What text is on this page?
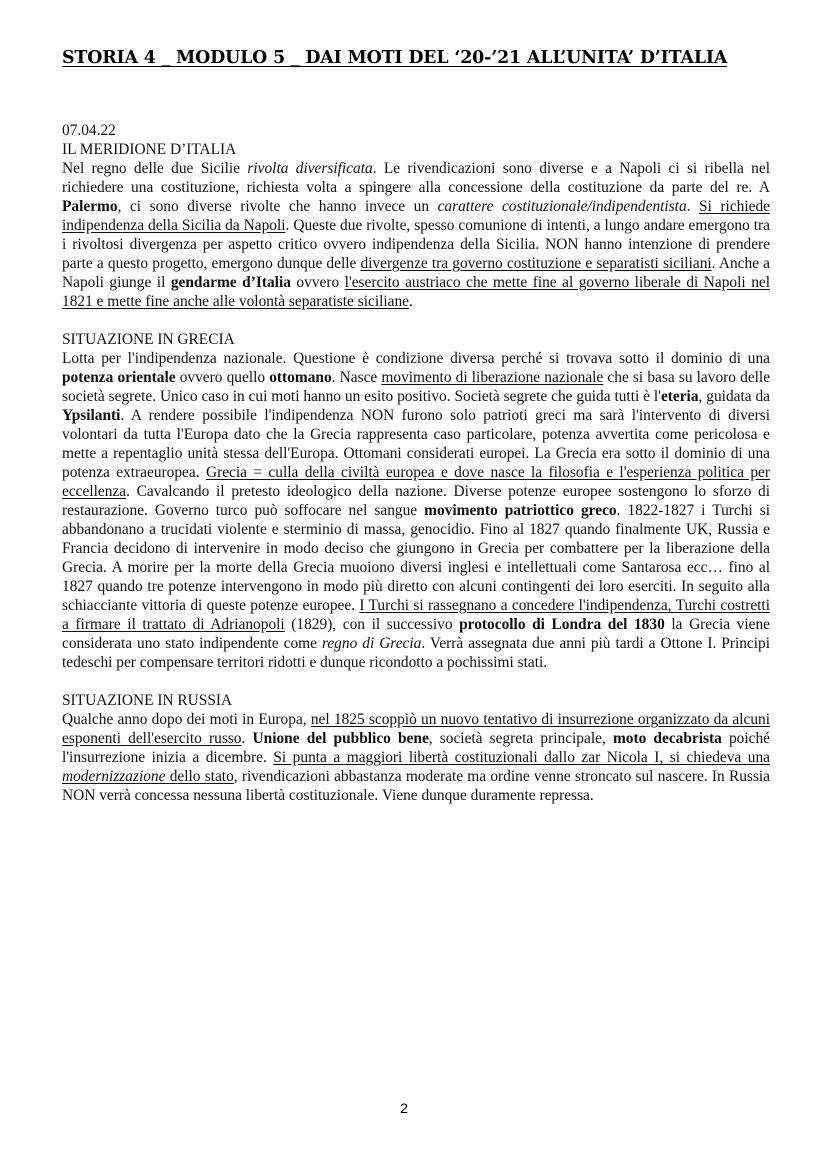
STORIA 4 _ MODULO 5 _ DAI MOTI DEL ‘20-’21 ALL’UNITA’ D’ITALIA

07.04.22

IL MERIDIONE D’ITALIA

Nel regno delle due Sicilie rivolta diversificata. Le rivendicazioni sono diverse e a Napoli ci si ribella nel richiedere una costituzione, richiesta volta a spingere alla concessione della costituzione da parte del re. A Palermo, ci sono diverse rivolte che hanno invece un carattere costituzionale/indipendentista. Si richiede indipendenza della Sicilia da Napoli. Queste due rivolte, spesso comunione di intenti, a lungo andare emergono tra i rivoltosi divergenza per aspetto critico ovvero indipendenza della Sicilia. NON hanno intenzione di prendere parte a questo progetto, emergono dunque delle divergenze tra governo costituzione e separatisti siciliani. Anche a Napoli giunge il gendarme d’Italia ovvero l'esercito austriaco che mette fine al governo liberale di Napoli nel 1821 e mette fine anche alle volontà separatiste siciliane.

SITUAZIONE IN GRECIA

Lotta per l'indipendenza nazionale. Questione è condizione diversa perché si trovava sotto il dominio di una potenza orientale ovvero quello ottomano. Nasce movimento di liberazione nazionale che si basa su lavoro delle società segrete. Unico caso in cui moti hanno un esito positivo. Società segrete che guida tutti è l'eteria, guidata da Ypsilanti. A rendere possibile l'indipendenza NON furono solo patrioti greci ma sarà l'intervento di diversi volontari da tutta l'Europa dato che la Grecia rappresenta caso particolare, potenza avvertita come pericolosa e mette a repentaglio unità stessa dell'Europa. Ottomani considerati europei. La Grecia era sotto il dominio di una potenza extraeuropea. Grecia = culla della civiltà europea e dove nasce la filosofia e l'esperienza politica per eccellenza. Cavalcando il pretesto ideologico della nazione. Diverse potenze europee sostengono lo sforzo di restaurazione. Governo turco può soffocare nel sangue movimento patriottico greco. 1822-1827 i Turchi si abbandonano a trucidati violente e sterminio di massa, genocidio. Fino al 1827 quando finalmente UK, Russia e Francia decidono di intervenire in modo deciso che giungono in Grecia per combattere per la liberazione della Grecia. A morire per la morte della Grecia muoiono diversi inglesi e intellettuali come Santarosa ecc… fino al 1827 quando tre potenze intervengono in modo più diretto con alcuni contingenti dei loro eserciti. In seguito alla schiacciante vittoria di queste potenze europee. I Turchi si rassegnano a concedere l'indipendenza, Turchi costretti a firmare il trattato di Adrianopoli (1829), con il successivo protocollo di Londra del 1830 la Grecia viene considerata uno stato indipendente come regno di Grecia. Verrà assegnata due anni più tardi a Ottone I. Principi tedeschi per compensare territori ridotti e dunque ricondotto a pochissimi stati.

SITUAZIONE IN RUSSIA

Qualche anno dopo dei moti in Europa, nel 1825 scoppiò un nuovo tentativo di insurrezione organizzato da alcuni esponenti dell'esercito russo. Unione del pubblico bene, società segreta principale, moto decabrista poiché l'insurrezione inizia a dicembre. Si punta a maggiori libertà costituzionali dallo zar Nicola I, si chiedeva una modernizzazione dello stato, rivendicazioni abbastanza moderate ma ordine venne stroncato sul nascere. In Russia NON verrà concessa nessuna libertà costituzionale. Viene dunque duramente repressa.

2
